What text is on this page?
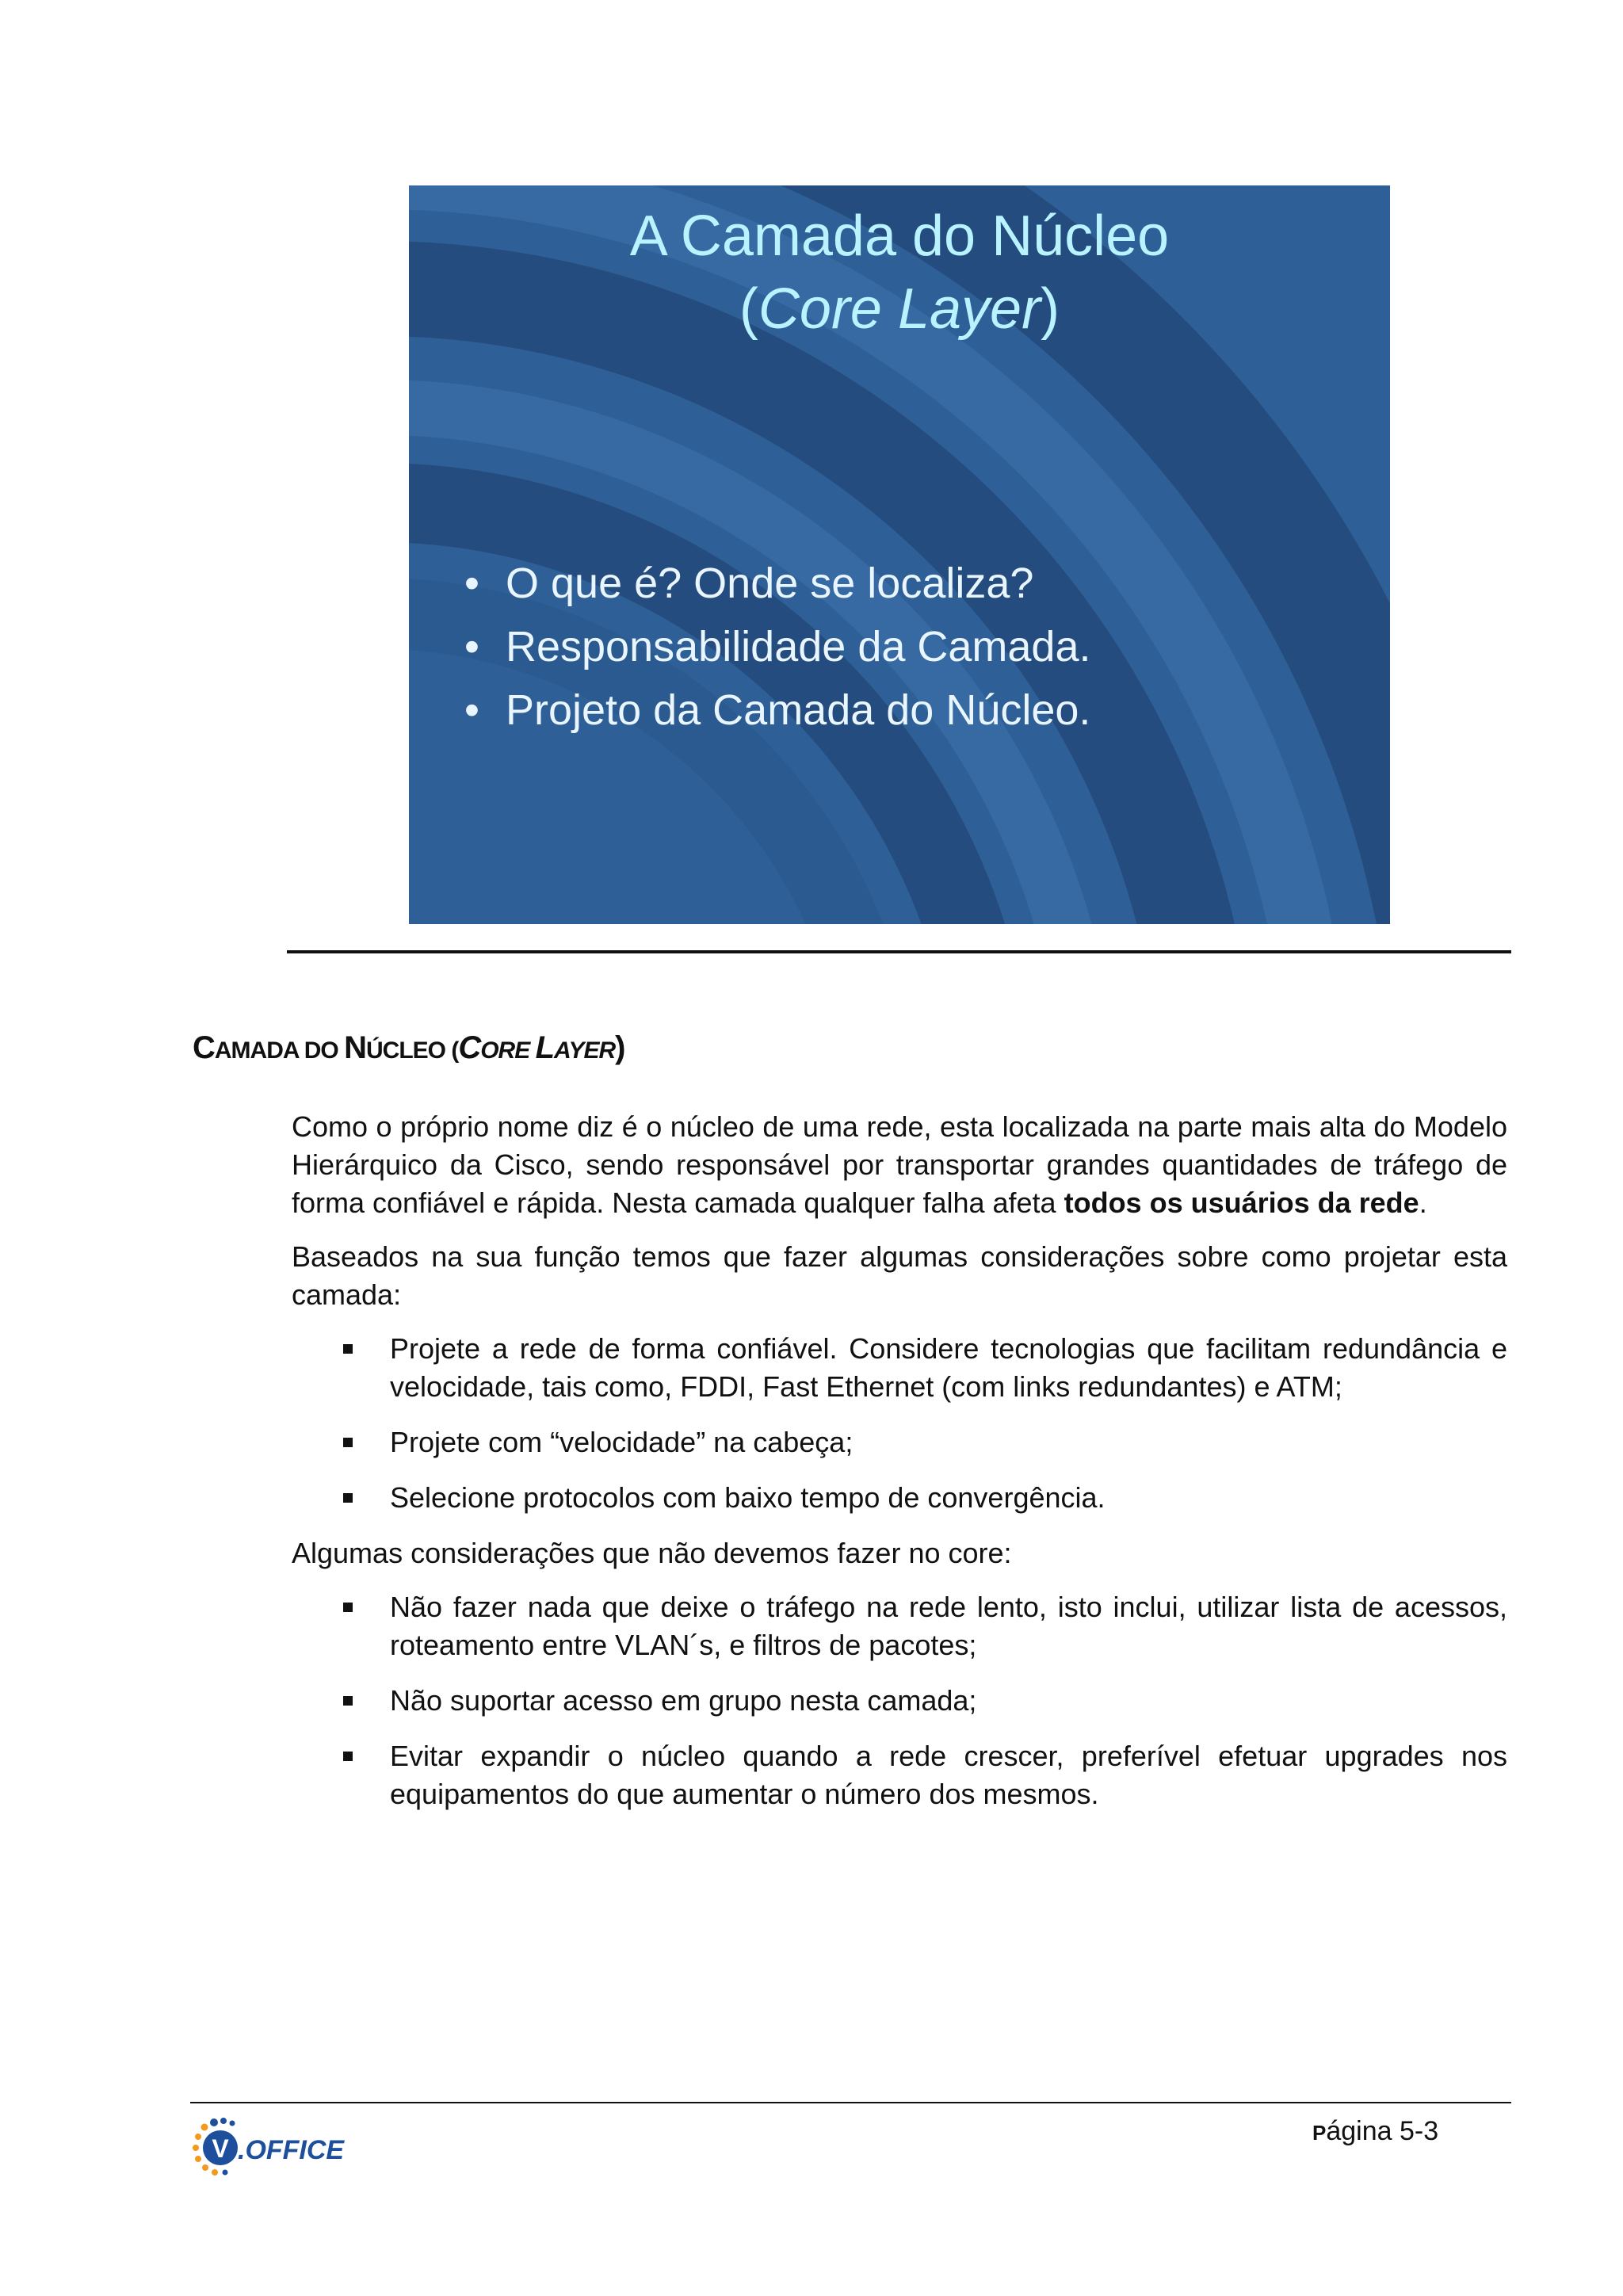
A Camada do Núcleo
(Core Layer)
• O que é? Onde se localiza?
• Responsabilidade da Camada.
• Projeto da Camada do Núcleo.
CAMADA DO NÚCLEO (CORE LAYER)

Como o próprio nome diz é o núcleo de uma rede, esta localizada na parte mais alta do Modelo Hierárquico da Cisco, sendo responsável por transportar grandes quantidades de tráfego de forma confiável e rápida. Nesta camada qualquer falha afeta todos os usuários da rede.

Baseados na sua função temos que fazer algumas considerações sobre como projetar esta camada:

Projete a rede de forma confiável. Considere tecnologias que facilitam redundância e velocidade, tais como, FDDI, Fast Ethernet (com links redundantes) e ATM;
Projete com “velocidade” na cabeça;
Selecione protocolos com baixo tempo de convergência.

Algumas considerações que não devemos fazer no core:

Não fazer nada que deixe o tráfego na rede lento, isto inclui, utilizar lista de acessos, roteamento entre VLAN´s, e filtros de pacotes;
Não suportar acesso em grupo nesta camada;
Evitar expandir o núcleo quando a rede crescer, preferível efetuar upgrades nos equipamentos do que aumentar o número dos mesmos.
V .OFFICE
Página 5-3
